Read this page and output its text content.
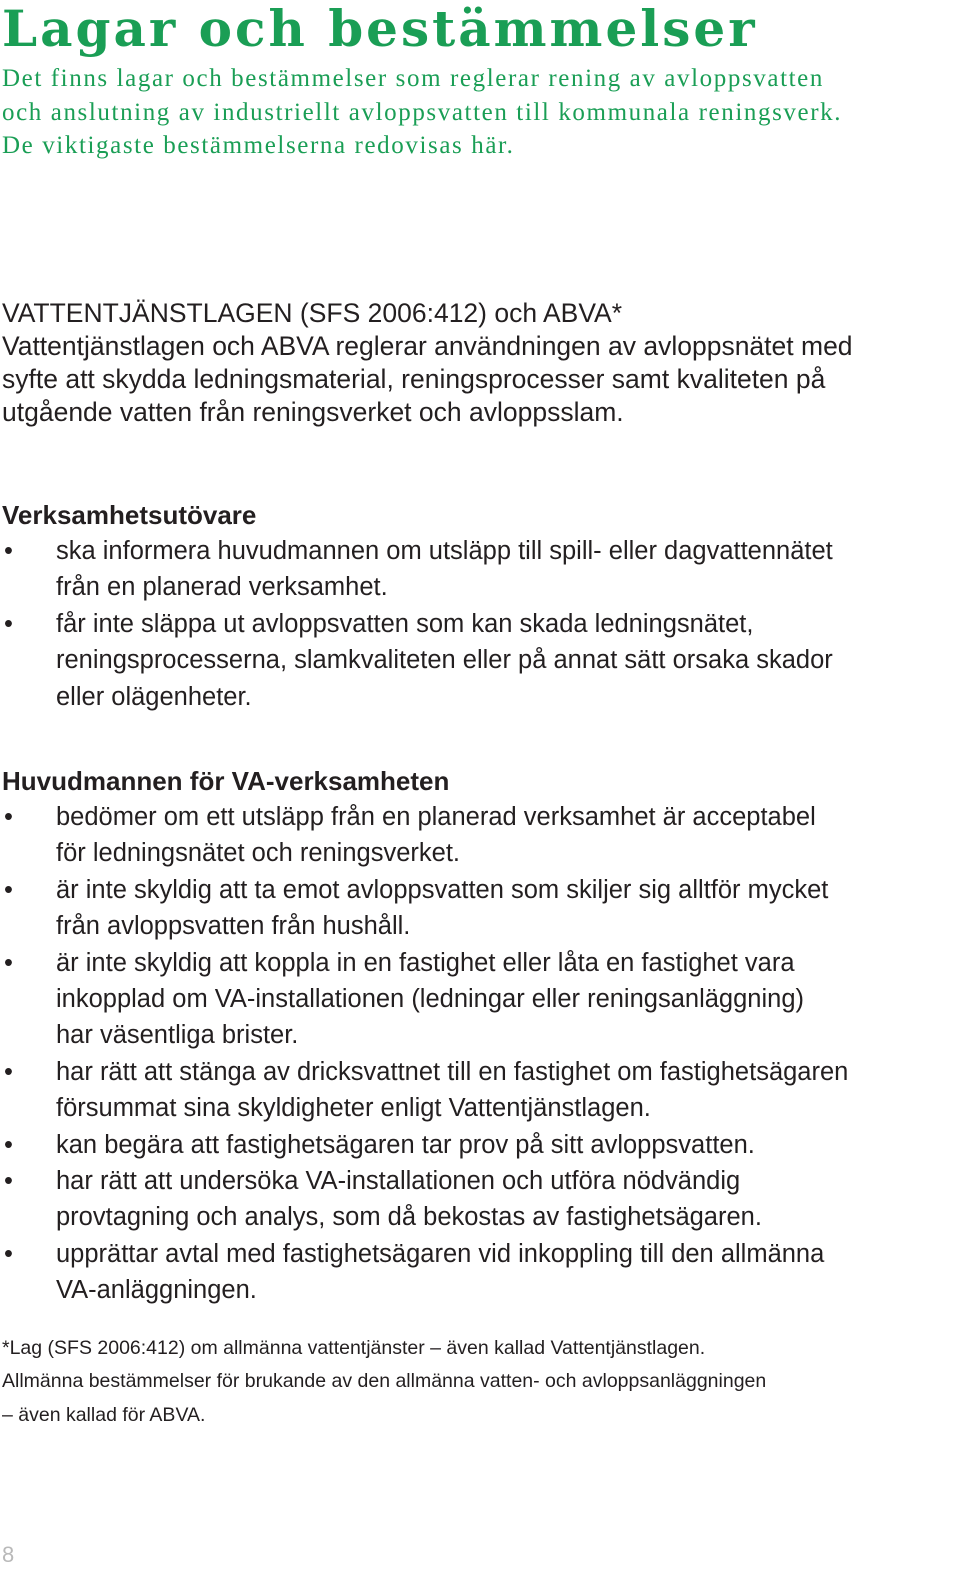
Lagar och bestämmelser
Det finns lagar och bestämmelser som reglerar rening av avloppsvatten
och anslutning av industriellt avloppsvatten till kommunala reningsverk.
De viktigaste bestämmelserna redovisas här.
VATTENTJÄNSTLAGEN (SFS 2006:412) och ABVA*

Vattentjänstlagen och ABVA reglerar användningen av avloppsnätet med
syfte att skydda ledningsmaterial, reningsprocesser samt kvaliteten på
utgående vatten från reningsverket och avloppsslam.

Verksamhetsutövare
• ska informera huvudmannen om utsläpp till spill- eller dagvattennätet
från en planerad verksamhet.
• får inte släppa ut avloppsvatten som kan skada ledningsnätet,
reningsprocesserna, slamkvaliteten eller på annat sätt orsaka skador
eller olägenheter.
Huvudmannen för VA-verksamheten
• bedömer om ett utsläpp från en planerad verksamhet är acceptabel
för ledningsnätet och reningsverket.
• är inte skyldig att ta emot avloppsvatten som skiljer sig alltför mycket
från avloppsvatten från hushåll.
• är inte skyldig att koppla in en fastighet eller låta en fastighet vara
inkopplad om VA-installationen (ledningar eller reningsanläggning)
har väsentliga brister.
• har rätt att stänga av dricksvattnet till en fastighet om fastighetsägaren
försummat sina skyldigheter enligt Vattentjänstlagen.
• kan begära att fastighetsägaren tar prov på sitt avloppsvatten.
• har rätt att undersöka VA-installationen och utföra nödvändig
provtagning och analys, som då bekostas av fastighetsägaren.
• upprättar avtal med fastighetsägaren vid inkoppling till den allmänna
VA-anläggningen.
*Lag (SFS 2006:412) om allmänna vattentjänster – även kallad Vattentjänstlagen.
Allmänna bestämmelser för brukande av den allmänna vatten- och avloppsanläggningen
– även kallad för ABVA.
8
